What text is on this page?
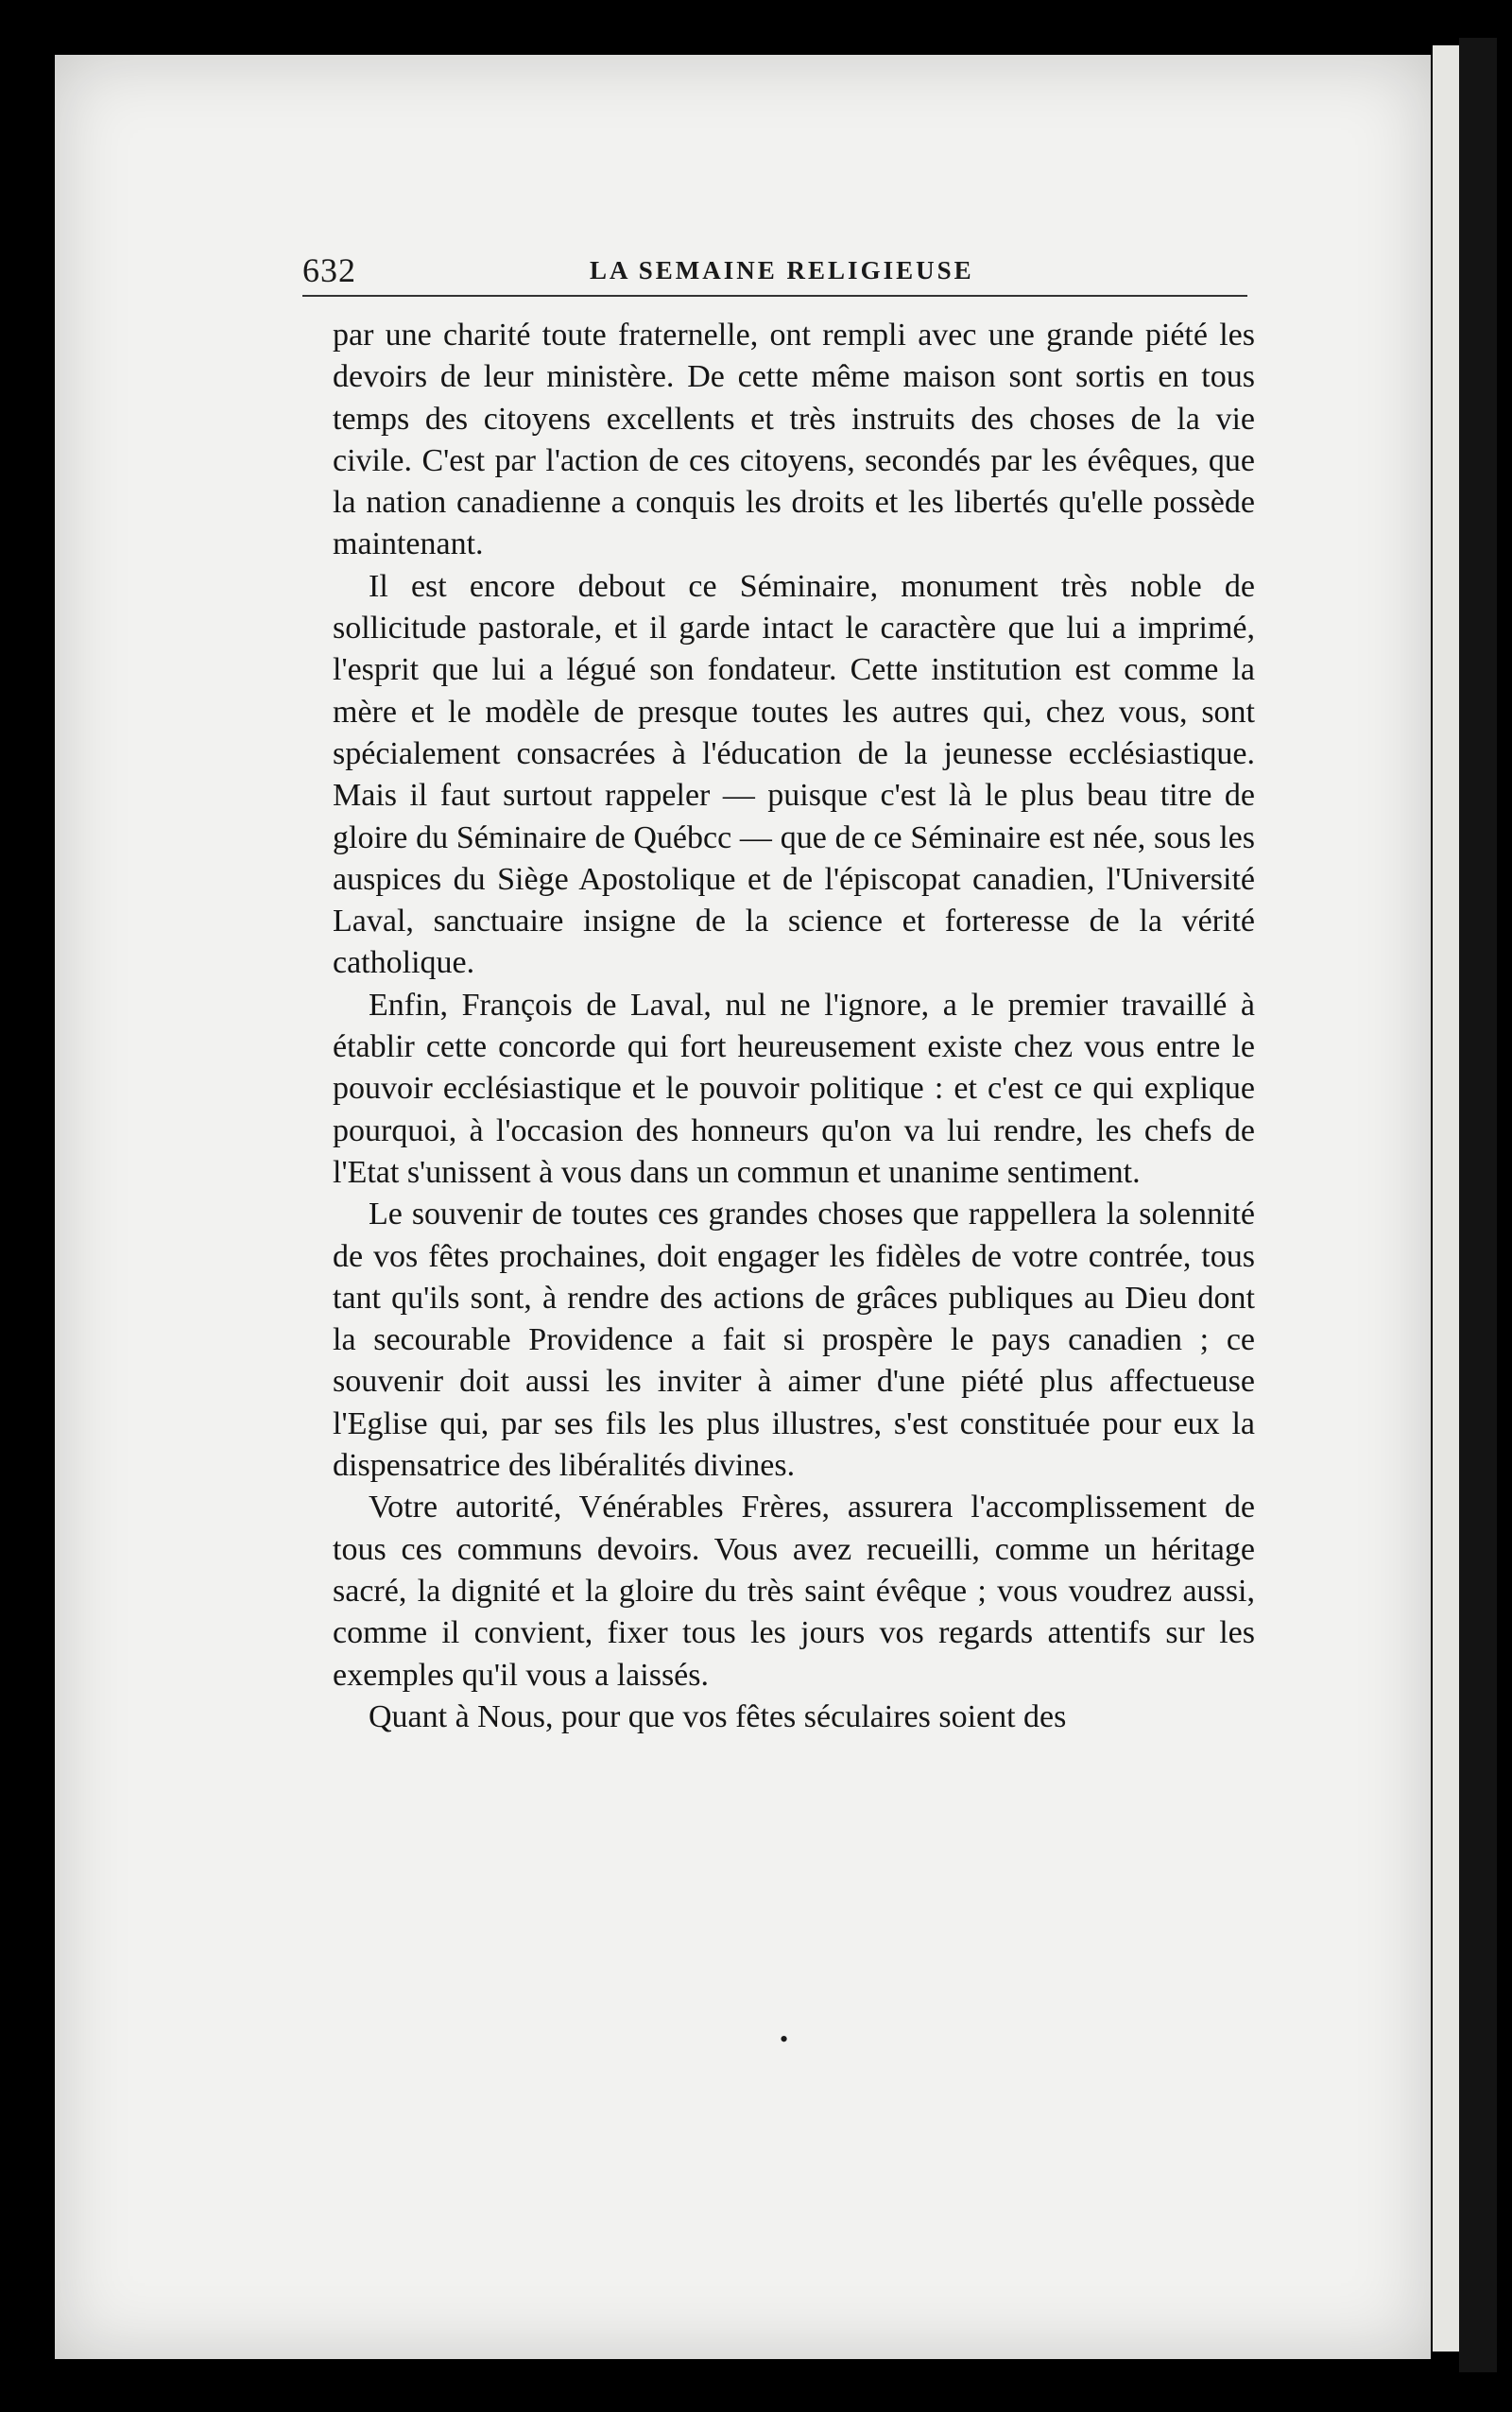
632	LA SEMAINE RELIGIEUSE

par une charité toute fraternelle, ont rempli avec une grande piété les devoirs de leur ministère. De cette même maison sont sortis en tous temps des citoyens excellents et très instruits des choses de la vie civile. C'est par l'action de ces citoyens, secondés par les évêques, que la nation canadienne a conquis les droits et les libertés qu'elle possède maintenant.

Il est encore debout ce Séminaire, monument très noble de sollicitude pastorale, et il garde intact le caractère que lui a imprimé, l'esprit que lui a légué son fondateur. Cette institution est comme la mère et le modèle de presque toutes les autres qui, chez vous, sont spécialement consacrées à l'éducation de la jeunesse ecclésiastique. Mais il faut surtout rappeler — puisque c'est là le plus beau titre de gloire du Séminaire de Québcc — que de ce Séminaire est née, sous les auspices du Siège Apostolique et de l'épiscopat canadien, l'Université Laval, sanctuaire insigne de la science et forteresse de la vérité catholique.

Enfin, François de Laval, nul ne l'ignore, a le premier travaillé à établir cette concorde qui fort heureusement existe chez vous entre le pouvoir ecclésiastique et le pouvoir politique : et c'est ce qui explique pourquoi, à l'occasion des honneurs qu'on va lui rendre, les chefs de l'Etat s'unissent à vous dans un commun et unanime sentiment.

Le souvenir de toutes ces grandes choses que rappellera la solennité de vos fêtes prochaines, doit engager les fidèles de votre contrée, tous tant qu'ils sont, à rendre des actions de grâces publiques au Dieu dont la secourable Providence a fait si prospère le pays canadien ; ce souvenir doit aussi les inviter à aimer d'une piété plus affectueuse l'Eglise qui, par ses fils les plus illustres, s'est constituée pour eux la dispensatrice des libéralités divines.

Votre autorité, Vénérables Frères, assurera l'accomplissement de tous ces communs devoirs. Vous avez recueilli, comme un héritage sacré, la dignité et la gloire du très saint évêque ; vous voudrez aussi, comme il convient, fixer tous les jours vos regards attentifs sur les exemples qu'il vous a laissés.

Quant à Nous, pour que vos fêtes séculaires soient des

•
